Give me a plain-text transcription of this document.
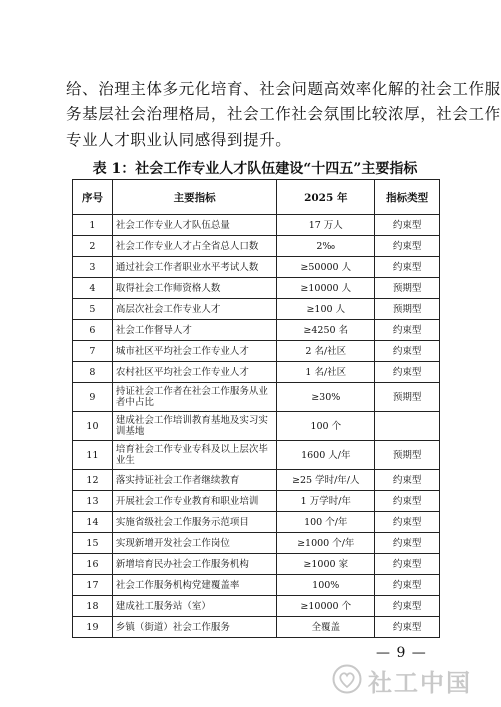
给、治理主体多元化培育、社会问题高效率化解的社会工作服

务基层社会治理格局，社会工作社会氛围比较浓厚，社会工作

专业人才职业认同感得到提升。

表 1：社会工作专业人才队伍建设“十四五”主要指标
序号	主要指标	2025 年	指标类型
1	社会工作专业人才队伍总量	17 万人	约束型
2	社会工作专业人才占全省总人口数	2‰	约束型
3	通过社会工作者职业水平考试人数	≥50000 人	约束型
4	取得社会工作师资格人数	≥10000 人	预期型
5	高层次社会工作专业人才	≥100 人	预期型
6	社会工作督导人才	≥4250 名	约束型
7	城市社区平均社会工作专业人才	2 名/社区	约束型
8	农村社区平均社会工作专业人才	1 名/社区	约束型
9	持证社会工作者在社会工作服务从业者中占比	≥30%	预期型
10	建成社会工作培训教育基地及实习实训基地	100 个	
11	培育社会工作专业专科及以上层次毕业生	1600 人/年	预期型
12	落实持证社会工作者继续教育	≥25 学时/年/人	约束型
13	开展社会工作专业教育和职业培训	1 万学时/年	约束型
14	实施省级社会工作服务示范项目	100 个/年	约束型
15	实现新增开发社会工作岗位	≥1000 个/年	约束型
16	新增培育民办社会工作服务机构	≥1000 家	约束型
17	社会工作服务机构党建覆盖率	100%	约束型
18	建成社工服务站（室）	≥10000 个	约束型
19	乡镇（街道）社会工作服务	全覆盖	约束型
— 9 —
社工中国
